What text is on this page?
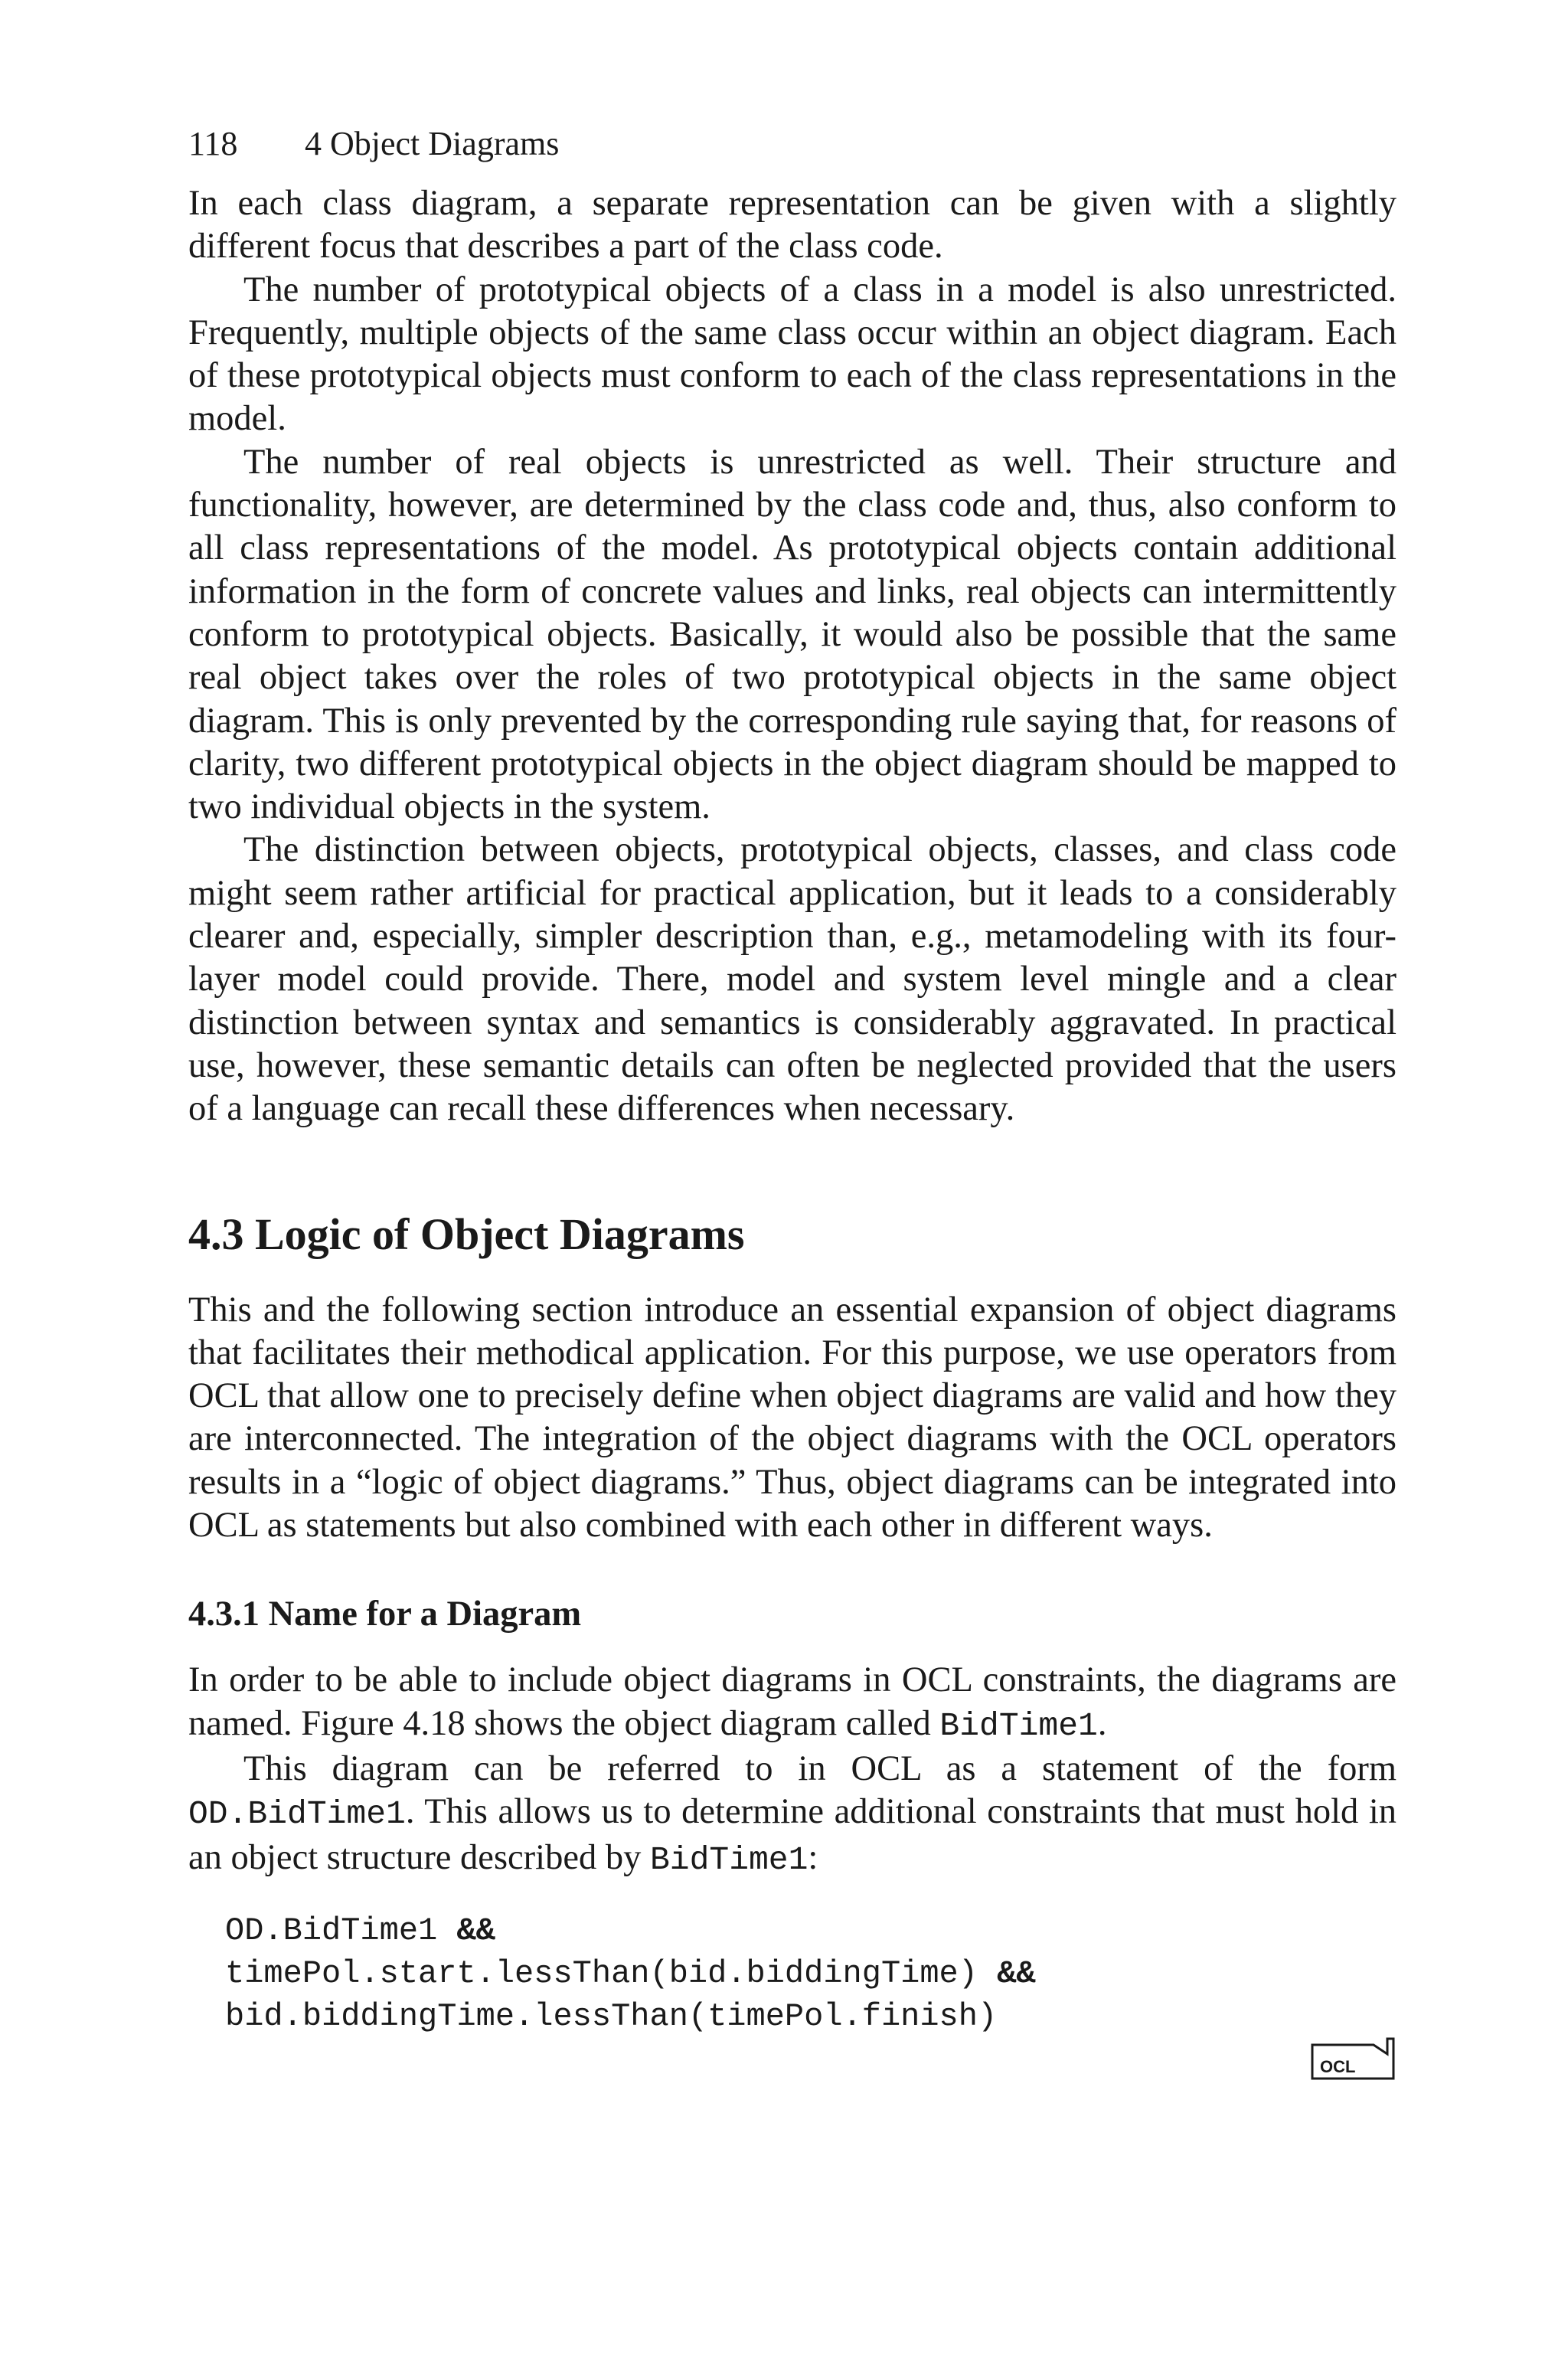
118 4 Object Diagrams

In each class diagram, a separate representation can be given with a slightly different focus that describes a part of the class code.

The number of prototypical objects of a class in a model is also unrestricted. Frequently, multiple objects of the same class occur within an object diagram. Each of these prototypical objects must conform to each of the class representations in the model.

The number of real objects is unrestricted as well. Their structure and functionality, however, are determined by the class code and, thus, also conform to all class representations of the model. As prototypical objects contain additional information in the form of concrete values and links, real objects can intermittently conform to prototypical objects. Basically, it would also be possible that the same real object takes over the roles of two prototypical objects in the same object diagram. This is only prevented by the corresponding rule saying that, for reasons of clarity, two different prototypical objects in the object diagram should be mapped to two individual objects in the system.

The distinction between objects, prototypical objects, classes, and class code might seem rather artificial for practical application, but it leads to a considerably clearer and, especially, simpler description than, e.g., metamodeling with its four-layer model could provide. There, model and system level mingle and a clear distinction between syntax and semantics is considerably aggravated. In practical use, however, these semantic details can often be neglected provided that the users of a language can recall these differences when necessary.

4.3 Logic of Object Diagrams

This and the following section introduce an essential expansion of object diagrams that facilitates their methodical application. For this purpose, we use operators from OCL that allow one to precisely define when object diagrams are valid and how they are interconnected. The integration of the object diagrams with the OCL operators results in a “logic of object diagrams.” Thus, object diagrams can be integrated into OCL as statements but also combined with each other in different ways.

4.3.1 Name for a Diagram

In order to be able to include object diagrams in OCL constraints, the diagrams are named. Figure 4.18 shows the object diagram called BidTime1.

This diagram can be referred to in OCL as a statement of the form OD.BidTime1. This allows us to determine additional constraints that must hold in an object structure described by BidTime1:

OD.BidTime1 &&
timePol.start.lessThan(bid.biddingTime) &&
bid.biddingTime.lessThan(timePol.finish)
OCL
